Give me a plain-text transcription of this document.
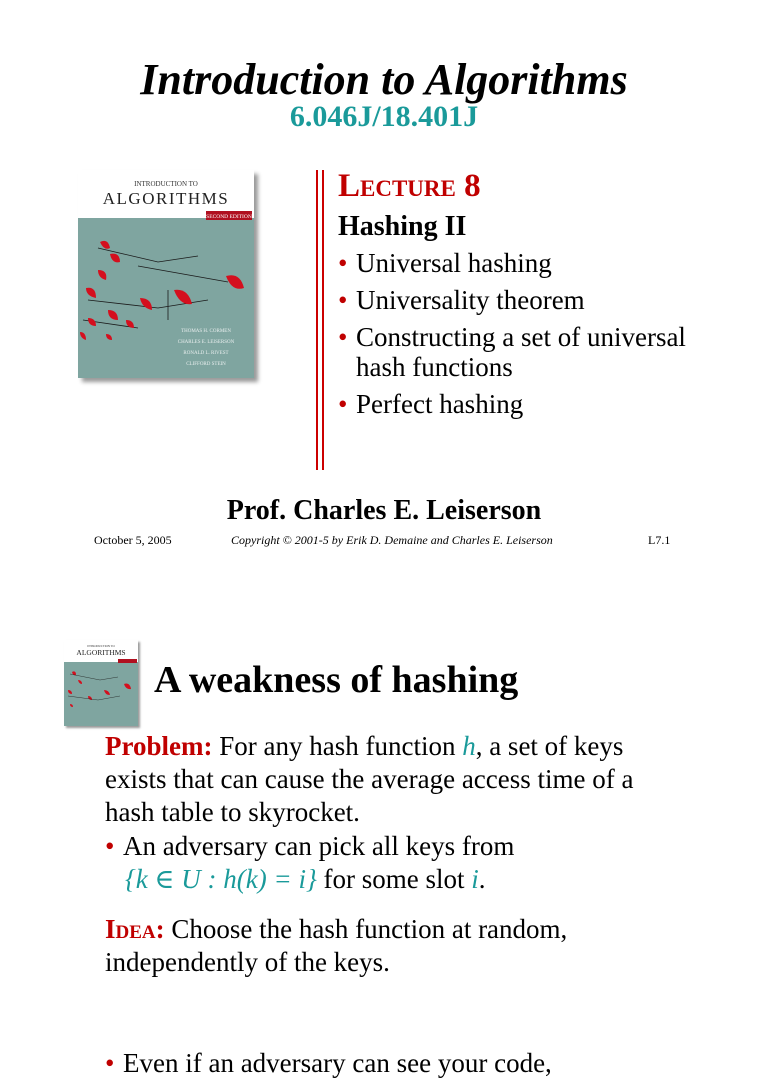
Introduction to Algorithms
6.046J/18.401J
INTRODUCTION TO
ALGORITHMS
SECOND EDITION
THOMAS H. CORMEN
CHARLES E. LEISERSON
RONALD L. RIVEST
CLIFFORD STEIN
Lecture 8
Hashing II
• Universal hashing
• Universality theorem
• Constructing a set of universal hash functions
• Perfect hashing
Prof. Charles E. Leiserson
October 5, 2005	Copyright © 2001-5 by Erik D. Demaine and Charles E. Leiserson	L7.1
INTRODUCTION TO
ALGORITHMS
A weakness of hashing
Problem: For any hash function h, a set of keys exists that can cause the average access time of a hash table to skyrocket.
• An adversary can pick all keys from
{k ∈ U : h(k) = i} for some slot i.
Idea: Choose the hash function at random, independently of the keys.
• Even if an adversary can see your code,
